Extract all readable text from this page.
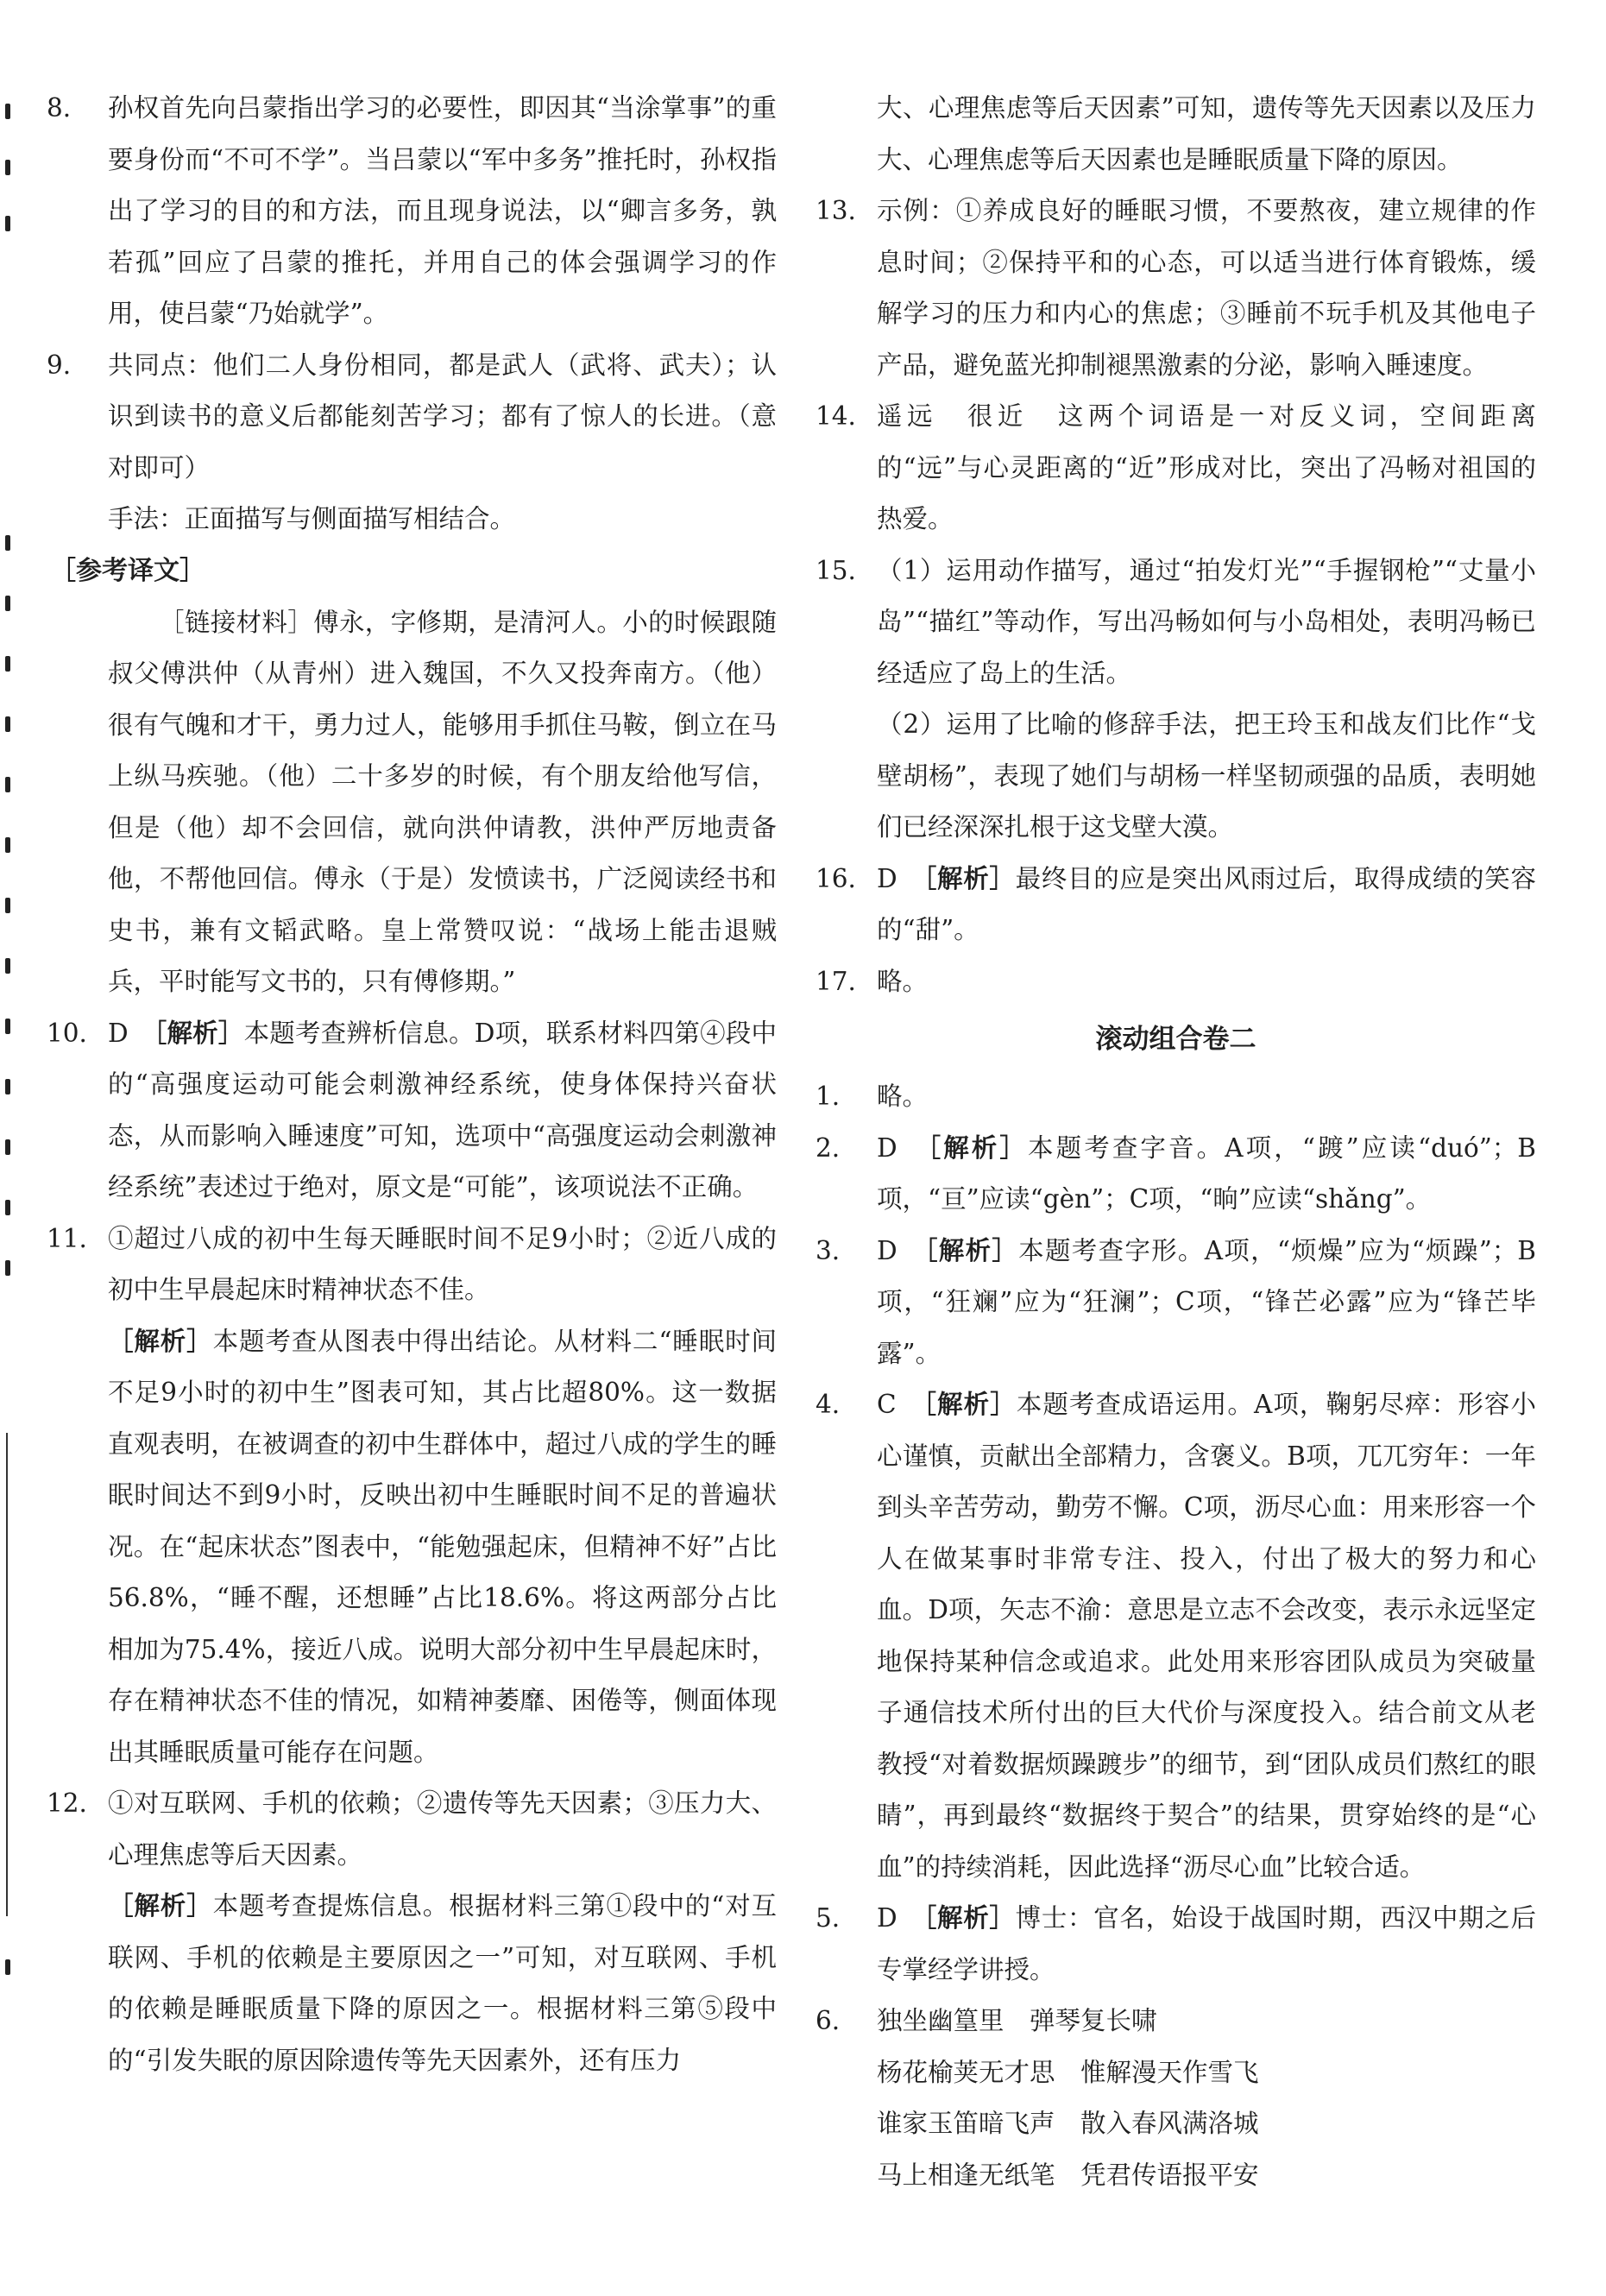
8. 孙权首先向吕蒙指出学习的必要性，即因其“当涂掌事”的重要身份而“不可不学”。当吕蒙以“军中多务”推托时，孙权指出了学习的目的和方法，而且现身说法，以“卿言多务，孰若孤”回应了吕蒙的推托，并用自己的体会强调学习的作用，使吕蒙“乃始就学”。
9. 共同点：他们二人身份相同，都是武人（武将、武夫）；认识到读书的意义后都能刻苦学习；都有了惊人的长进。（意对即可）
手法：正面描写与侧面描写相结合。
［参考译文］
［链接材料］傅永，字修期，是清河人。小的时候跟随叔父傅洪仲（从青州）进入魏国，不久又投奔南方。（他）很有气魄和才干，勇力过人，能够用手抓住马鞍，倒立在马上纵马疾驰。（他）二十多岁的时候，有个朋友给他写信，但是（他）却不会回信，就向洪仲请教，洪仲严厉地责备他，不帮他回信。傅永（于是）发愤读书，广泛阅读经书和史书，兼有文韬武略。皇上常赞叹说：“战场上能击退贼兵，平时能写文书的，只有傅修期。”
10. D　 ［解析］本题考查辨析信息。D项，联系材料四第④段中的“高强度运动可能会刺激神经系统，使身体保持兴奋状态，从而影响入睡速度”可知，选项中“高强度运动会刺激神经系统”表述过于绝对，原文是“可能”，该项说法不正确。
11. ①超过八成的初中生每天睡眠时间不足9小时；②近八成的初中生早晨起床时精神状态不佳。
［解析］本题考查从图表中得出结论。从材料二“睡眠时间不足9小时的初中生”图表可知，其占比超80%。这一数据直观表明，在被调查的初中生群体中，超过八成的学生的睡眠时间达不到9小时，反映出初中生睡眠时间不足的普遍状况。在“起床状态”图表中，“能勉强起床，但精神不好”占比56.8%，“睡不醒，还想睡”占比18.6%。将这两部分占比相加为75.4%，接近八成。说明大部分初中生早晨起床时，存在精神状态不佳的情况，如精神萎靡、困倦等，侧面体现出其睡眠质量可能存在问题。
12. ①对互联网、手机的依赖；②遗传等先天因素；③压力大、心理焦虑等后天因素。
［解析］本题考查提炼信息。根据材料三第①段中的“对互联网、手机的依赖是主要原因之一”可知，对互联网、手机的依赖是睡眠质量下降的原因之一。根据材料三第⑤段中的“引发失眠的原因除遗传等先天因素外，还有压力
大、心理焦虑等后天因素”可知，遗传等先天因素以及压力大、心理焦虑等后天因素也是睡眠质量下降的原因。
13. 示例：①养成良好的睡眠习惯，不要熬夜，建立规律的作息时间；②保持平和的心态，可以适当进行体育锻炼，缓解学习的压力和内心的焦虑；③睡前不玩手机及其他电子产品，避免蓝光抑制褪黑激素的分泌，影响入睡速度。
14. 遥远　很近　这两个词语是一对反义词，空间距离的“远”与心灵距离的“近”形成对比，突出了冯畅对祖国的热爱。
15. （1）运用动作描写，通过“拍发灯光”“手握钢枪”“丈量小岛”“描红”等动作，写出冯畅如何与小岛相处，表明冯畅已经适应了岛上的生活。
（2）运用了比喻的修辞手法，把王玲玉和战友们比作“戈壁胡杨”，表现了她们与胡杨一样坚韧顽强的品质，表明她们已经深深扎根于这戈壁大漠。
16. D　 ［解析］最终目的应是突出风雨过后，取得成绩的笑容的“甜”。
17. 略。
滚动组合卷二
1. 略。
2. D　 ［解析］本题考查字音。A项，“踱”应读“duó”；B项，“亘”应读“gèn”；C项，“晌”应读“shǎng”。
3. D　 ［解析］本题考查字形。A项，“烦燥”应为“烦躁”；B项，“狂斓”应为“狂澜”；C项，“锋芒必露”应为“锋芒毕露”。
4. C　 ［解析］本题考查成语运用。A项，鞠躬尽瘁：形容小心谨慎，贡献出全部精力，含褒义。B项，兀兀穷年：一年到头辛苦劳动，勤劳不懈。C项，沥尽心血：用来形容一个人在做某事时非常专注、投入，付出了极大的努力和心血。D项，矢志不渝：意思是立志不会改变，表示永远坚定地保持某种信念或追求。此处用来形容团队成员为突破量子通信技术所付出的巨大代价与深度投入。结合前文从老教授“对着数据烦躁踱步”的细节，到“团队成员们熬红的眼睛”，再到最终“数据终于契合”的结果，贯穿始终的是“心血”的持续消耗，因此选择“沥尽心血”比较合适。
5. D　 ［解析］博士：官名，始设于战国时期，西汉中期之后专掌经学讲授。
6. 独坐幽篁里　弹琴复长啸
杨花榆荚无才思　惟解漫天作雪飞
谁家玉笛暗飞声　散入春风满洛城
马上相逢无纸笔　凭君传语报平安
